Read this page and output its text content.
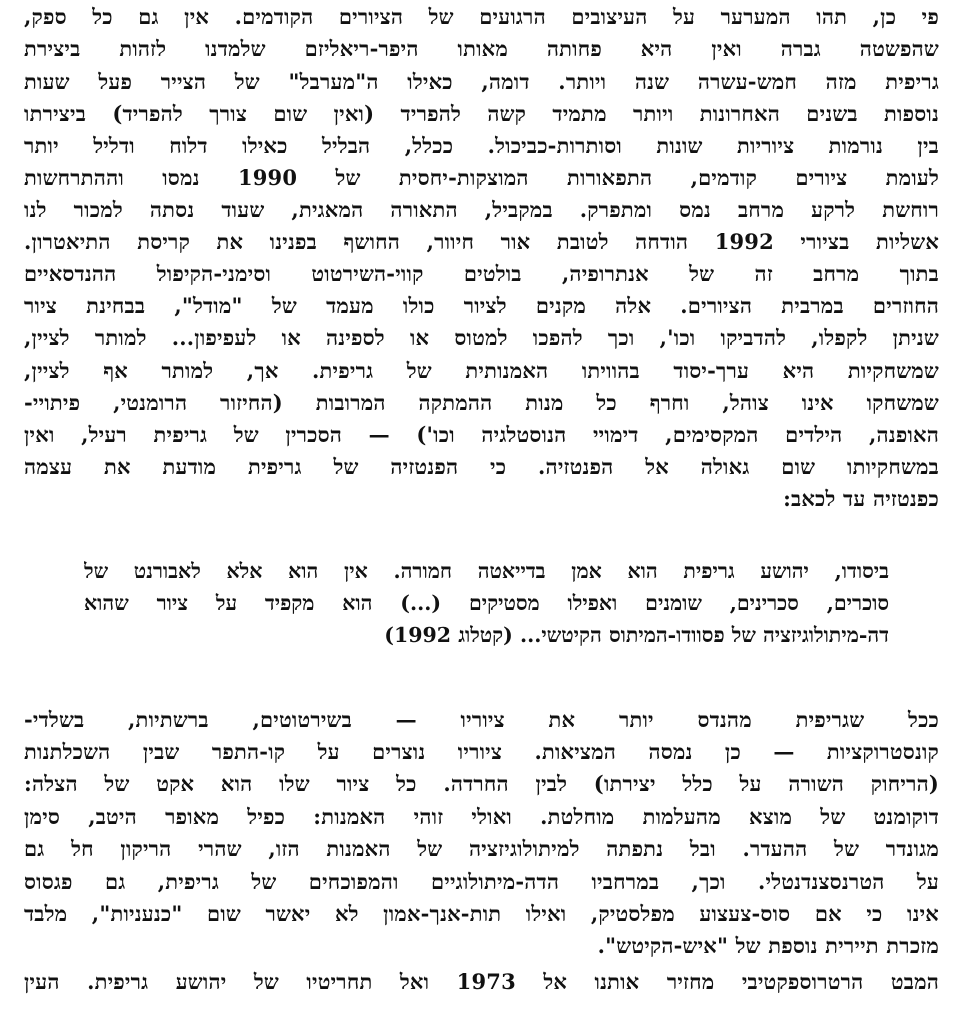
פי כן, תהו המערער על העיצובים הרגועים של הציורים הקודמים. אין גם כל ספק,
שהפשטה גברה ואין היא פחותה מאותו היפר-ריאליזם שלמדנו לזהות ביצירת
גריפית מזה חמש-עשרה שנה ויותר. דומה, כאילו ה"מערבל" של הצייר פעל שעות
נוספות בשנים האחרונות ויותר מתמיד קשה להפריד (ואין שום צורך להפריד) ביצירתו
בין נורמות ציוריות שונות וסותרות-כביכול. ככלל, הבליל כאילו דלוח ודליל יותר
לעומת ציורים קודמים, התפאורות המוצקות-יחסית של 1990 נמסו וההתרחשות
רוחשת לרקע מרחב נמס ומתפרק. במקביל, התאורה המאגית, שעוד נסתה למכור לנו
אשליות בציורי 1992 הודחה לטובת אור חיוור, החושף בפנינו את קריסת התיאטרון.
בתוך מרחב זה של אנתרופיה, בולטים קווי-השירטוט וסימני-הקיפול ההנדסאיים
החוזרים במרבית הציורים. אלה מקנים לציור כולו מעמד של "מודל", בבחינת ציור
שניתן לקפלו, להדביקו וכו', וכך להפכו למטוס או לספינה או לעפיפון... למותר לציין,
שמשחקיות היא ערך-יסוד בהוויתו האמנותית של גריפית. אך, למותר אף לציין,
שמשחקו אינו צוהל, וחרף כל מנות ההמתקה המרובות (החיזור הרומנטי, פיתויי-
האופנה, הילדים המקסימים, דימויי הנוסטלגיה וכו') — הסכרין של גריפית רעיל, ואין
במשחקיותו שום גאולה אל הפנטזיה. כי הפנטזיה של גריפית מודעת את עצמה
כפנטזיה עד לכאב:
ביסודו, יהושע גריפית הוא אמן בדייאטה חמורה. אין הוא אלא לאבורנט של
סוכרים, סכרינים, שומנים ואפילו מסטיקים (...) הוא מקפיד על ציור שהוא
דה-מיתולוגיזציה של פסוודו-המיתוס הקיטשי... (קטלוג 1992)
ככל שגריפית מהנדס יותר את ציוריו — בשירטוטים, ברשתיות, בשלדי-
קונסטרוקציות — כן נמסה המציאות. ציוריו נוצרים על קו-התפר שבין השכלתנות
(הריחוק השורה על כלל יצירתו) לבין החרדה. כל ציור שלו הוא אקט של הצלה:
דוקומנט של מוצא מהעלמות מוחלטת. ואולי זוהי האמנות: כפיל מאופר היטב, סימן
מגונדר של ההעדר. ובל נתפתה למיתולוגיזציה של האמנות הזו, שהרי הריקון חל גם
על הטרנסצנדנטלי. וכך, במרחביו הדה-מיתולוגיים והמפוכחים של גריפית, גם פגסוס
אינו כי אם סוס-צעצוע מפלסטיק, ואילו תות-אנך-אמון לא יאשר שום "כנעניות", מלבד
מזכרת תיירית נוספת של "איש-הקיטש".
המבט הרטרוספקטיבי מחזיר אותנו אל 1973 ואל תחריטיו של יהושע גריפית. העין
